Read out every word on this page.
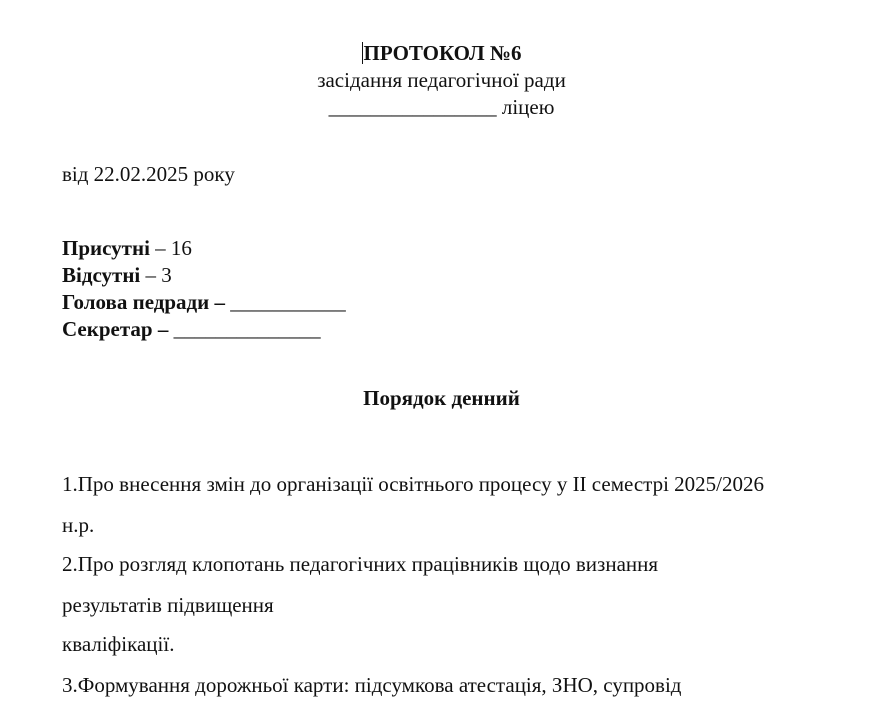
ПРОТОКОЛ №6
засідання педагогічної ради
________________ ліцею
від 22.02.2025 року
Присутні – 16
Відсутні – 3
Голова педради – ___________
Секретар – ______________
Порядок денний
1.Про внесення змін до організації освітнього процесу у ІІ семестрі 2025/2026
н.р.
2.Про розгляд клопотань педагогічних працівників щодо визнання
результатів підвищення
кваліфікації.
3.Формування дорожньої карти: підсумкова атестація, ЗНО, супровід
